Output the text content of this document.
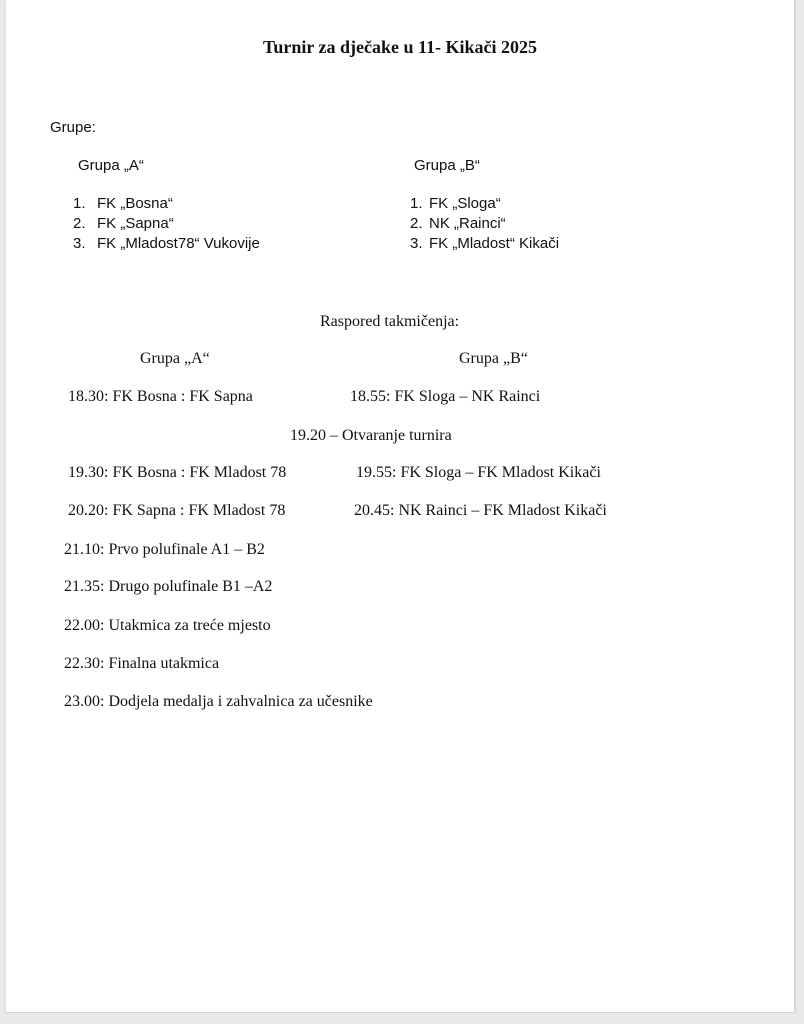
Turnir za dječake u 11- Kikači 2025
Grupe:
Grupa „A“	Grupa „B“
1. FK „Bosna“
2. FK „Sapna“
3. FK „Mladost78“ Vukovije
1. FK „Sloga“
2. NK „Rainci“
3. FK „Mladost“ Kikači
Raspored takmičenja:
Grupa „A“	Grupa „B“
18.30: FK Bosna : FK Sapna	18.55: FK Sloga – NK Rainci
19.20 – Otvaranje turnira
19.30: FK Bosna : FK Mladost 78	19.55: FK Sloga – FK Mladost Kikači
20.20: FK Sapna : FK Mladost 78	20.45: NK Rainci – FK Mladost Kikači
21.10: Prvo polufinale A1 – B2
21.35: Drugo polufinale B1 –A2
22.00: Utakmica za treće mjesto
22.30: Finalna utakmica
23.00: Dodjela medalja i zahvalnica za učesnike
